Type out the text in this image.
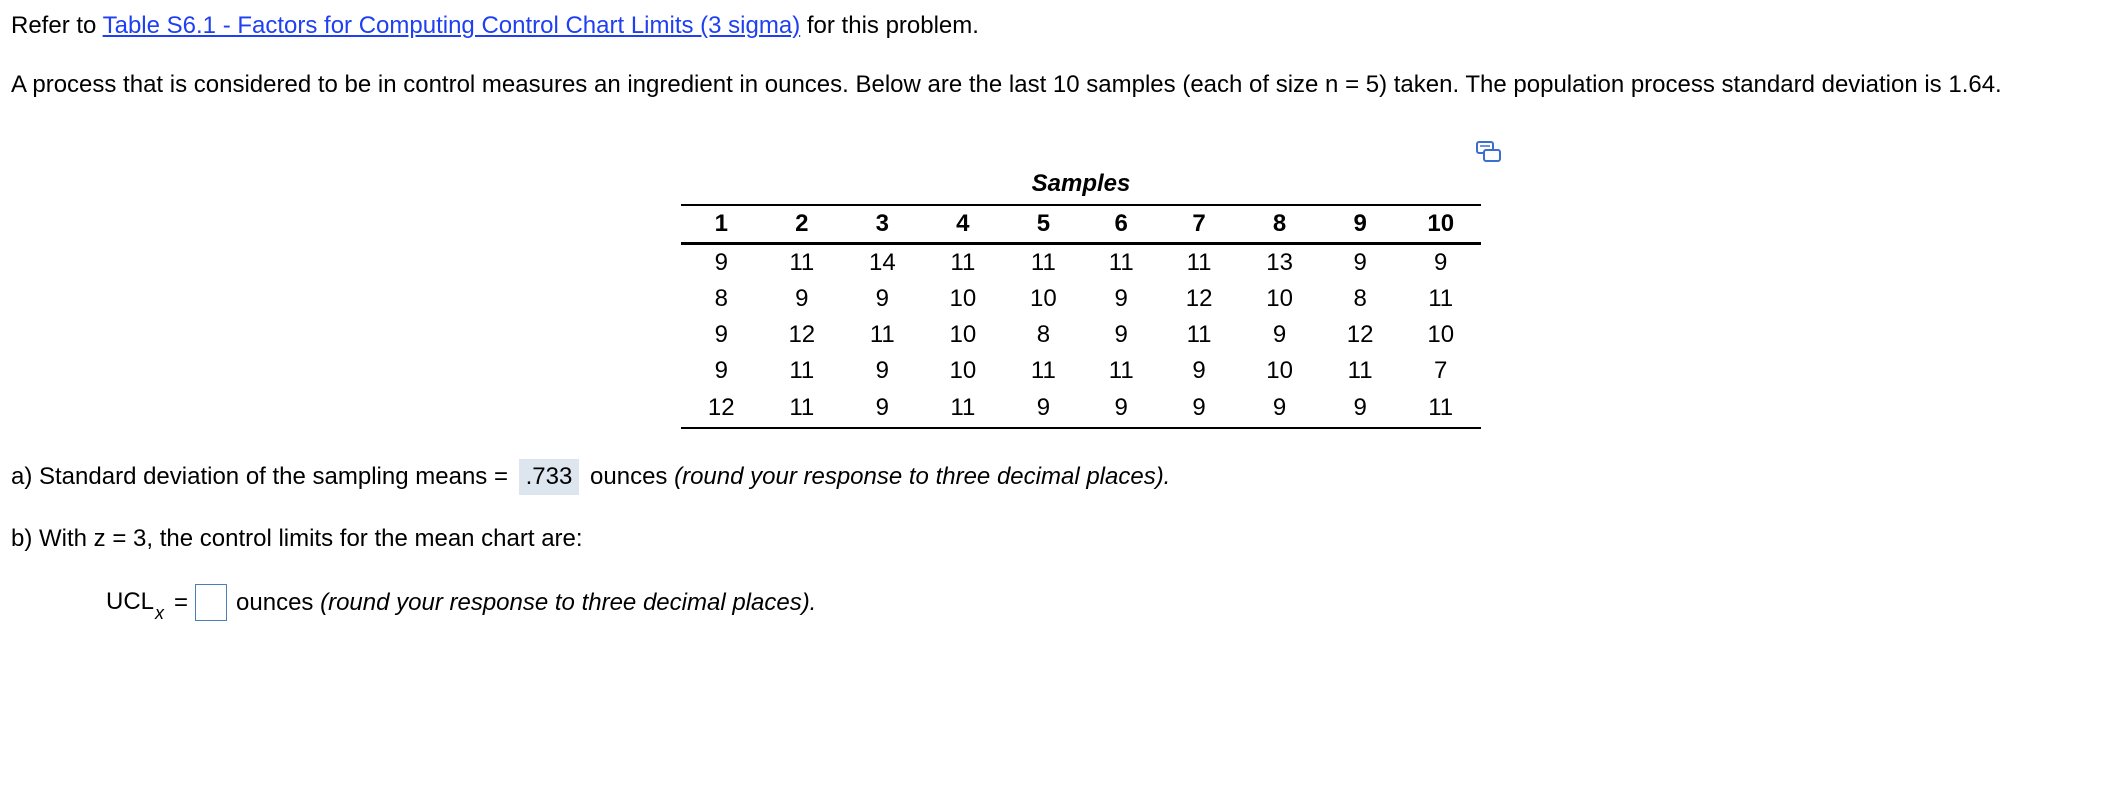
Refer to Table S6.1 - Factors for Computing Control Chart Limits (3 sigma) for this problem.
A process that is considered to be in control measures an ingredient in ounces. Below are the last 10 samples (each of size n = 5) taken. The population process standard deviation is 1.64.
Samples
1	2	3	4	5	6	7	8	9	10
9	11	14	11	11	11	11	13	9	9
8	9	9	10	10	9	12	10	8	11
9	12	11	10	8	9	11	9	12	10
9	11	9	10	11	11	9	10	11	7
12	11	9	11	9	9	9	9	9	11
a) Standard deviation of the sampling means = .733 ounces (round your response to three decimal places).
b) With z = 3, the control limits for the mean chart are:
$UCL_x$ = ounces
(round your response to three decimal places).
